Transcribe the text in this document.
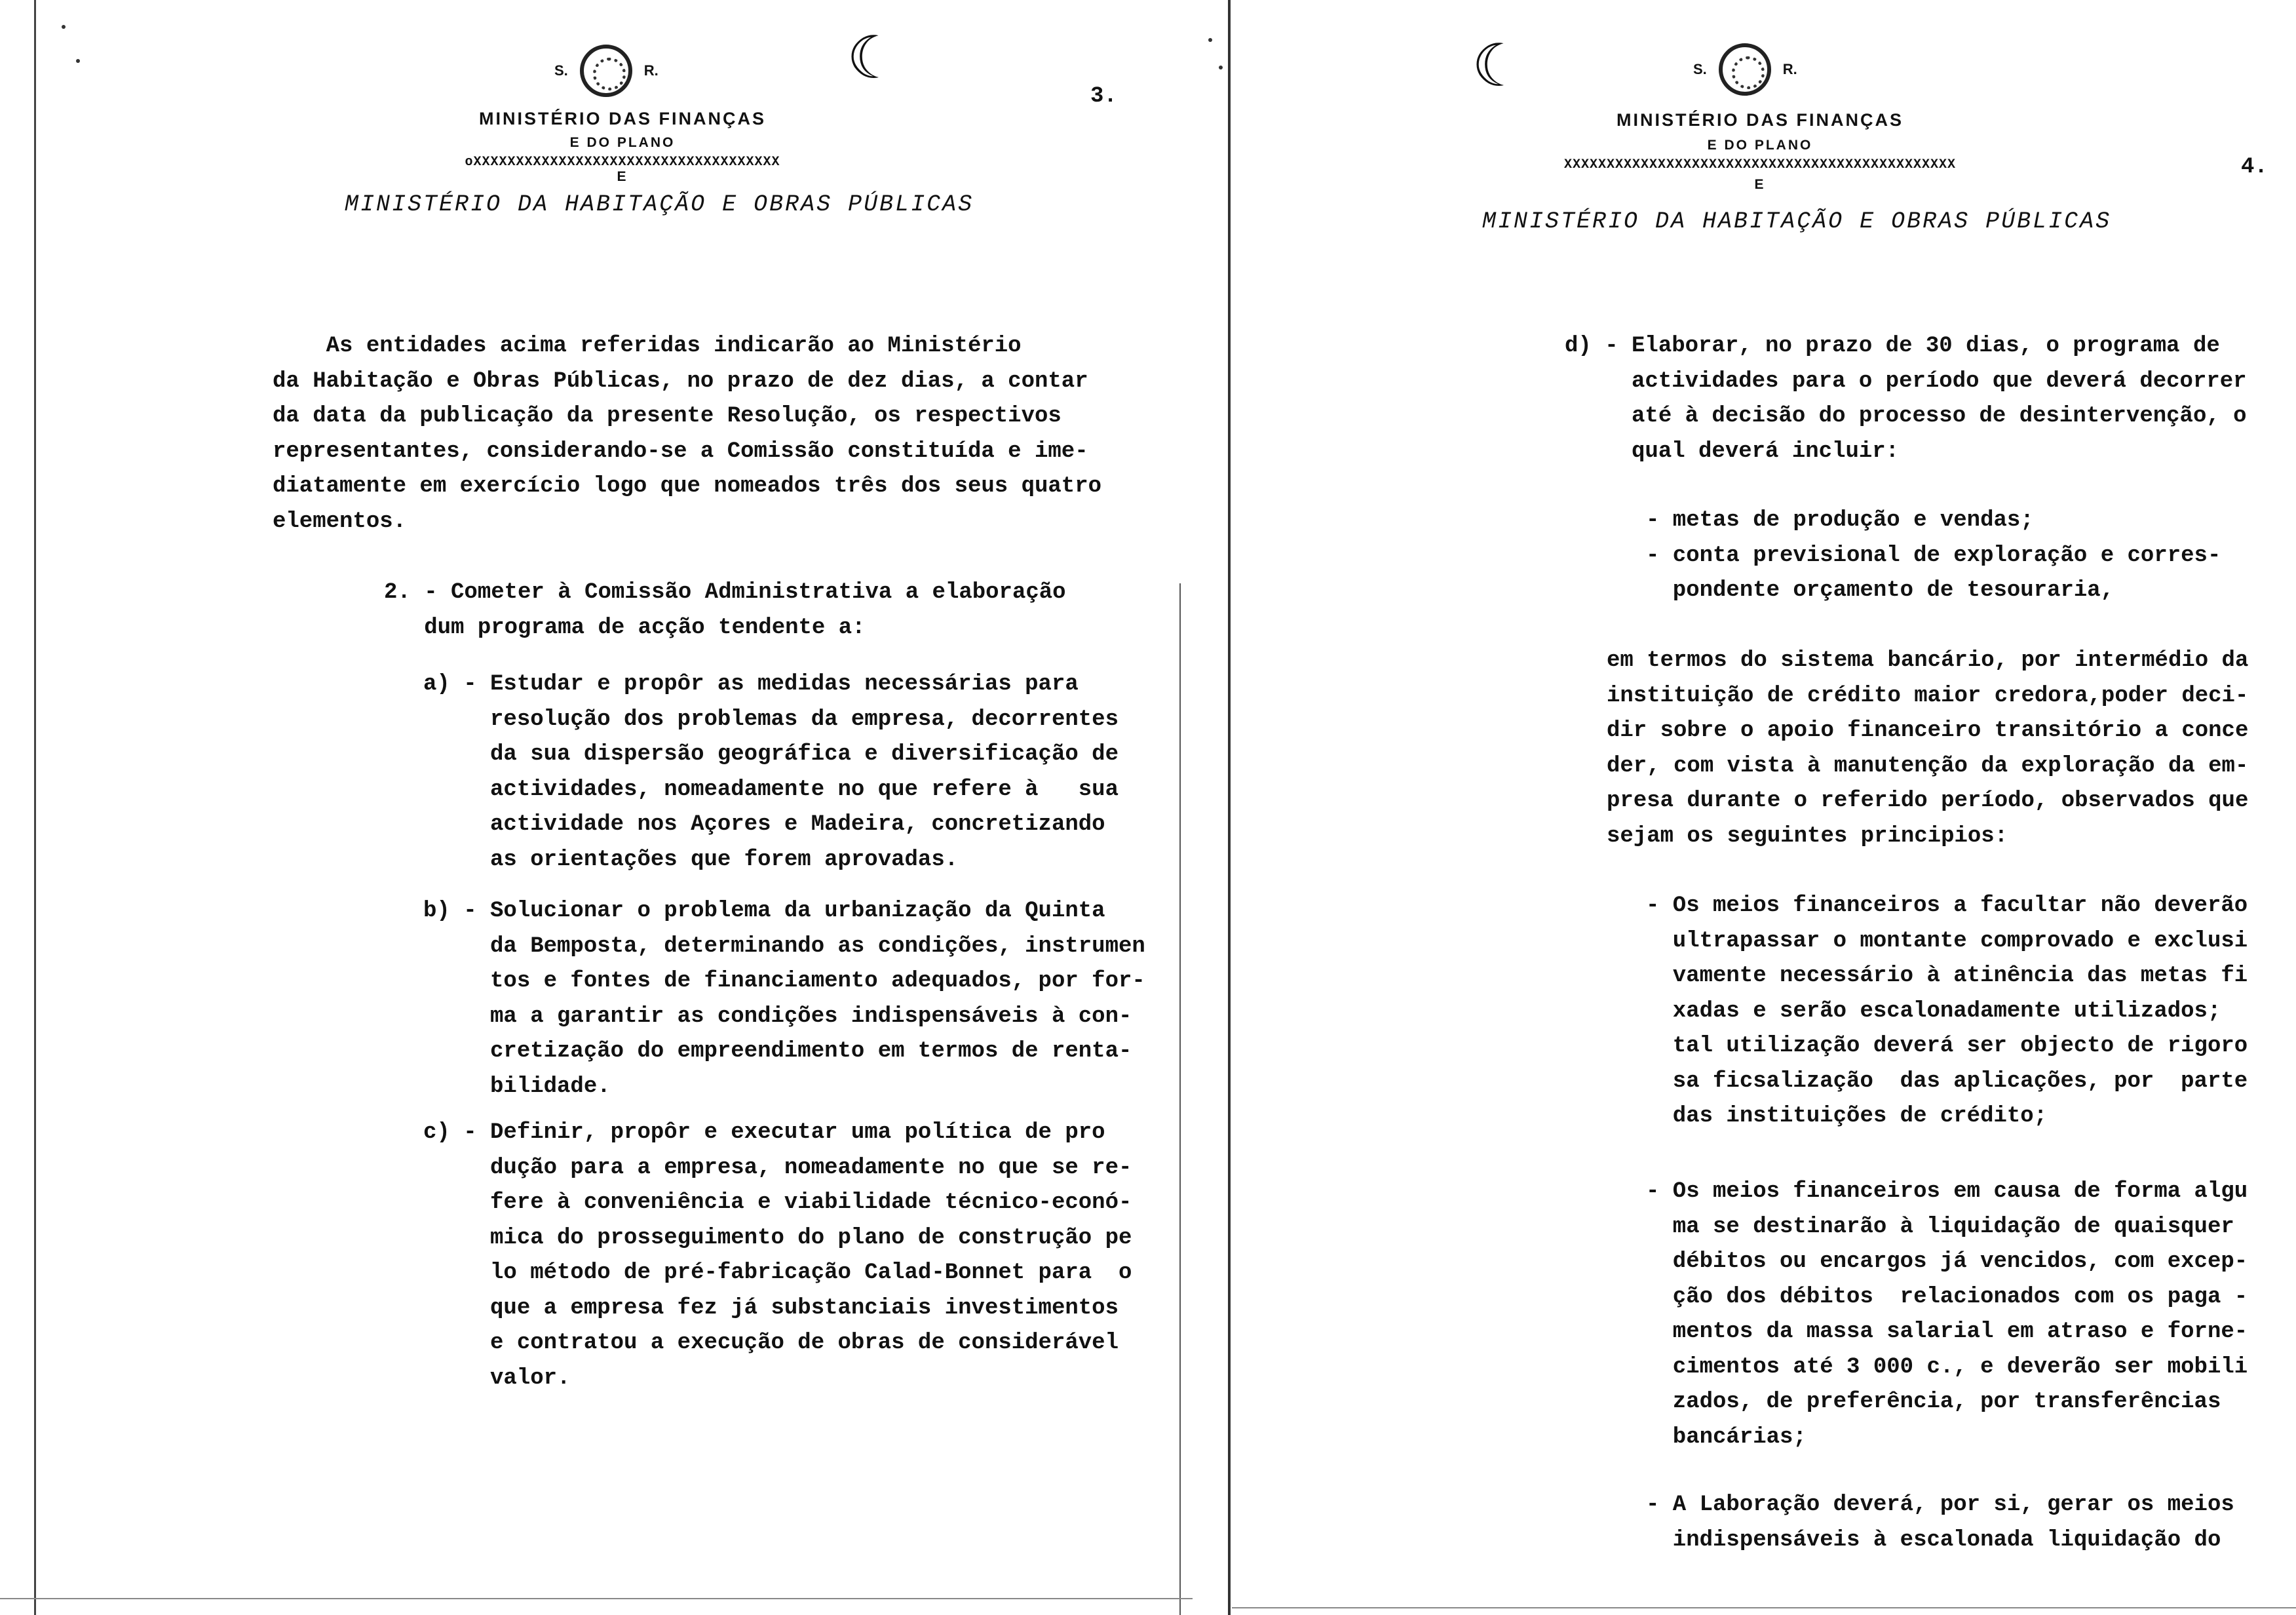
S.	R.	☾
3.
MINISTÉRIO DAS FINANÇAS
E DO PLANO
oXXXXXXXXXXXXXXXXXXXXXXXXXXXXXXXXXXXX
E
MINISTÉRIO DA HABITAÇÃO E OBRAS PÚBLICAS
As entidades acima referidas indicarão ao Ministério
da Habitação e Obras Públicas, no prazo de dez dias, a contar
da data da publicação da presente Resolução, os respectivos
representantes, considerando-se a Comissão constituída e ime-
diatamente em exercício logo que nomeados três dos seus quatro
elementos.
2. - Cometer à Comissão Administrativa a elaboração
dum programa de acção tendente a:
a) - Estudar e propôr as medidas necessárias para
resolução dos problemas da empresa, decorrentes
da sua dispersão geográfica e diversificação de
actividades, nomeadamente no que refere à   sua
actividade nos Açores e Madeira, concretizando
as orientações que forem aprovadas.
b) - Solucionar o problema da urbanização da Quinta
da Bemposta, determinando as condições, instrumen
tos e fontes de financiamento adequados, por for-
ma a garantir as condições indispensáveis à con-
cretização do empreendimento em termos de renta-
bilidade.
c) - Definir, propôr e executar uma política de pro
dução para a empresa, nomeadamente no que se re-
fere à conveniência e viabilidade técnico-econó-
mica do prosseguimento do plano de construção pe
lo método de pré-fabricação Calad-Bonnet para  o
que a empresa fez já substanciais investimentos
e contratou a execução de obras de considerável
valor.
☾	S.	R.
4.
MINISTÉRIO DAS FINANÇAS
E DO PLANO
XXXXXXXXXXXXXXXXXXXXXXXXXXXXXXXXXXXXXXXXXXXXXX
E
MINISTÉRIO DA HABITAÇÃO E OBRAS PÚBLICAS
d) - Elaborar, no prazo de 30 dias, o programa de
actividades para o período que deverá decorrer
até à decisão do processo de desintervenção, o
qual deverá incluir:
- metas de produção e vendas;
- conta previsional de exploração e corres-
pondente orçamento de tesouraria,
em termos do sistema bancário, por intermédio da
instituição de crédito maior credora,poder deci-
dir sobre o apoio financeiro transitório a conce
der, com vista à manutenção da exploração da em-
presa durante o referido período, observados que
sejam os seguintes principios:
- Os meios financeiros a facultar não deverão
ultrapassar o montante comprovado e exclusi
vamente necessário à atinência das metas fi
xadas e serão escalonadamente utilizados;
tal utilização deverá ser objecto de rigoro
sa ficsalização  das aplicações, por  parte
das instituições de crédito;
- Os meios financeiros em causa de forma algu
ma se destinarão à liquidação de quaisquer
débitos ou encargos já vencidos, com excep-
ção dos débitos  relacionados com os paga -
mentos da massa salarial em atraso e forne-
cimentos até 3 000 c., e deverão ser mobili
zados, de preferência, por transferências
bancárias;
- A Laboração deverá, por si, gerar os meios
indispensáveis à escalonada liquidação do
